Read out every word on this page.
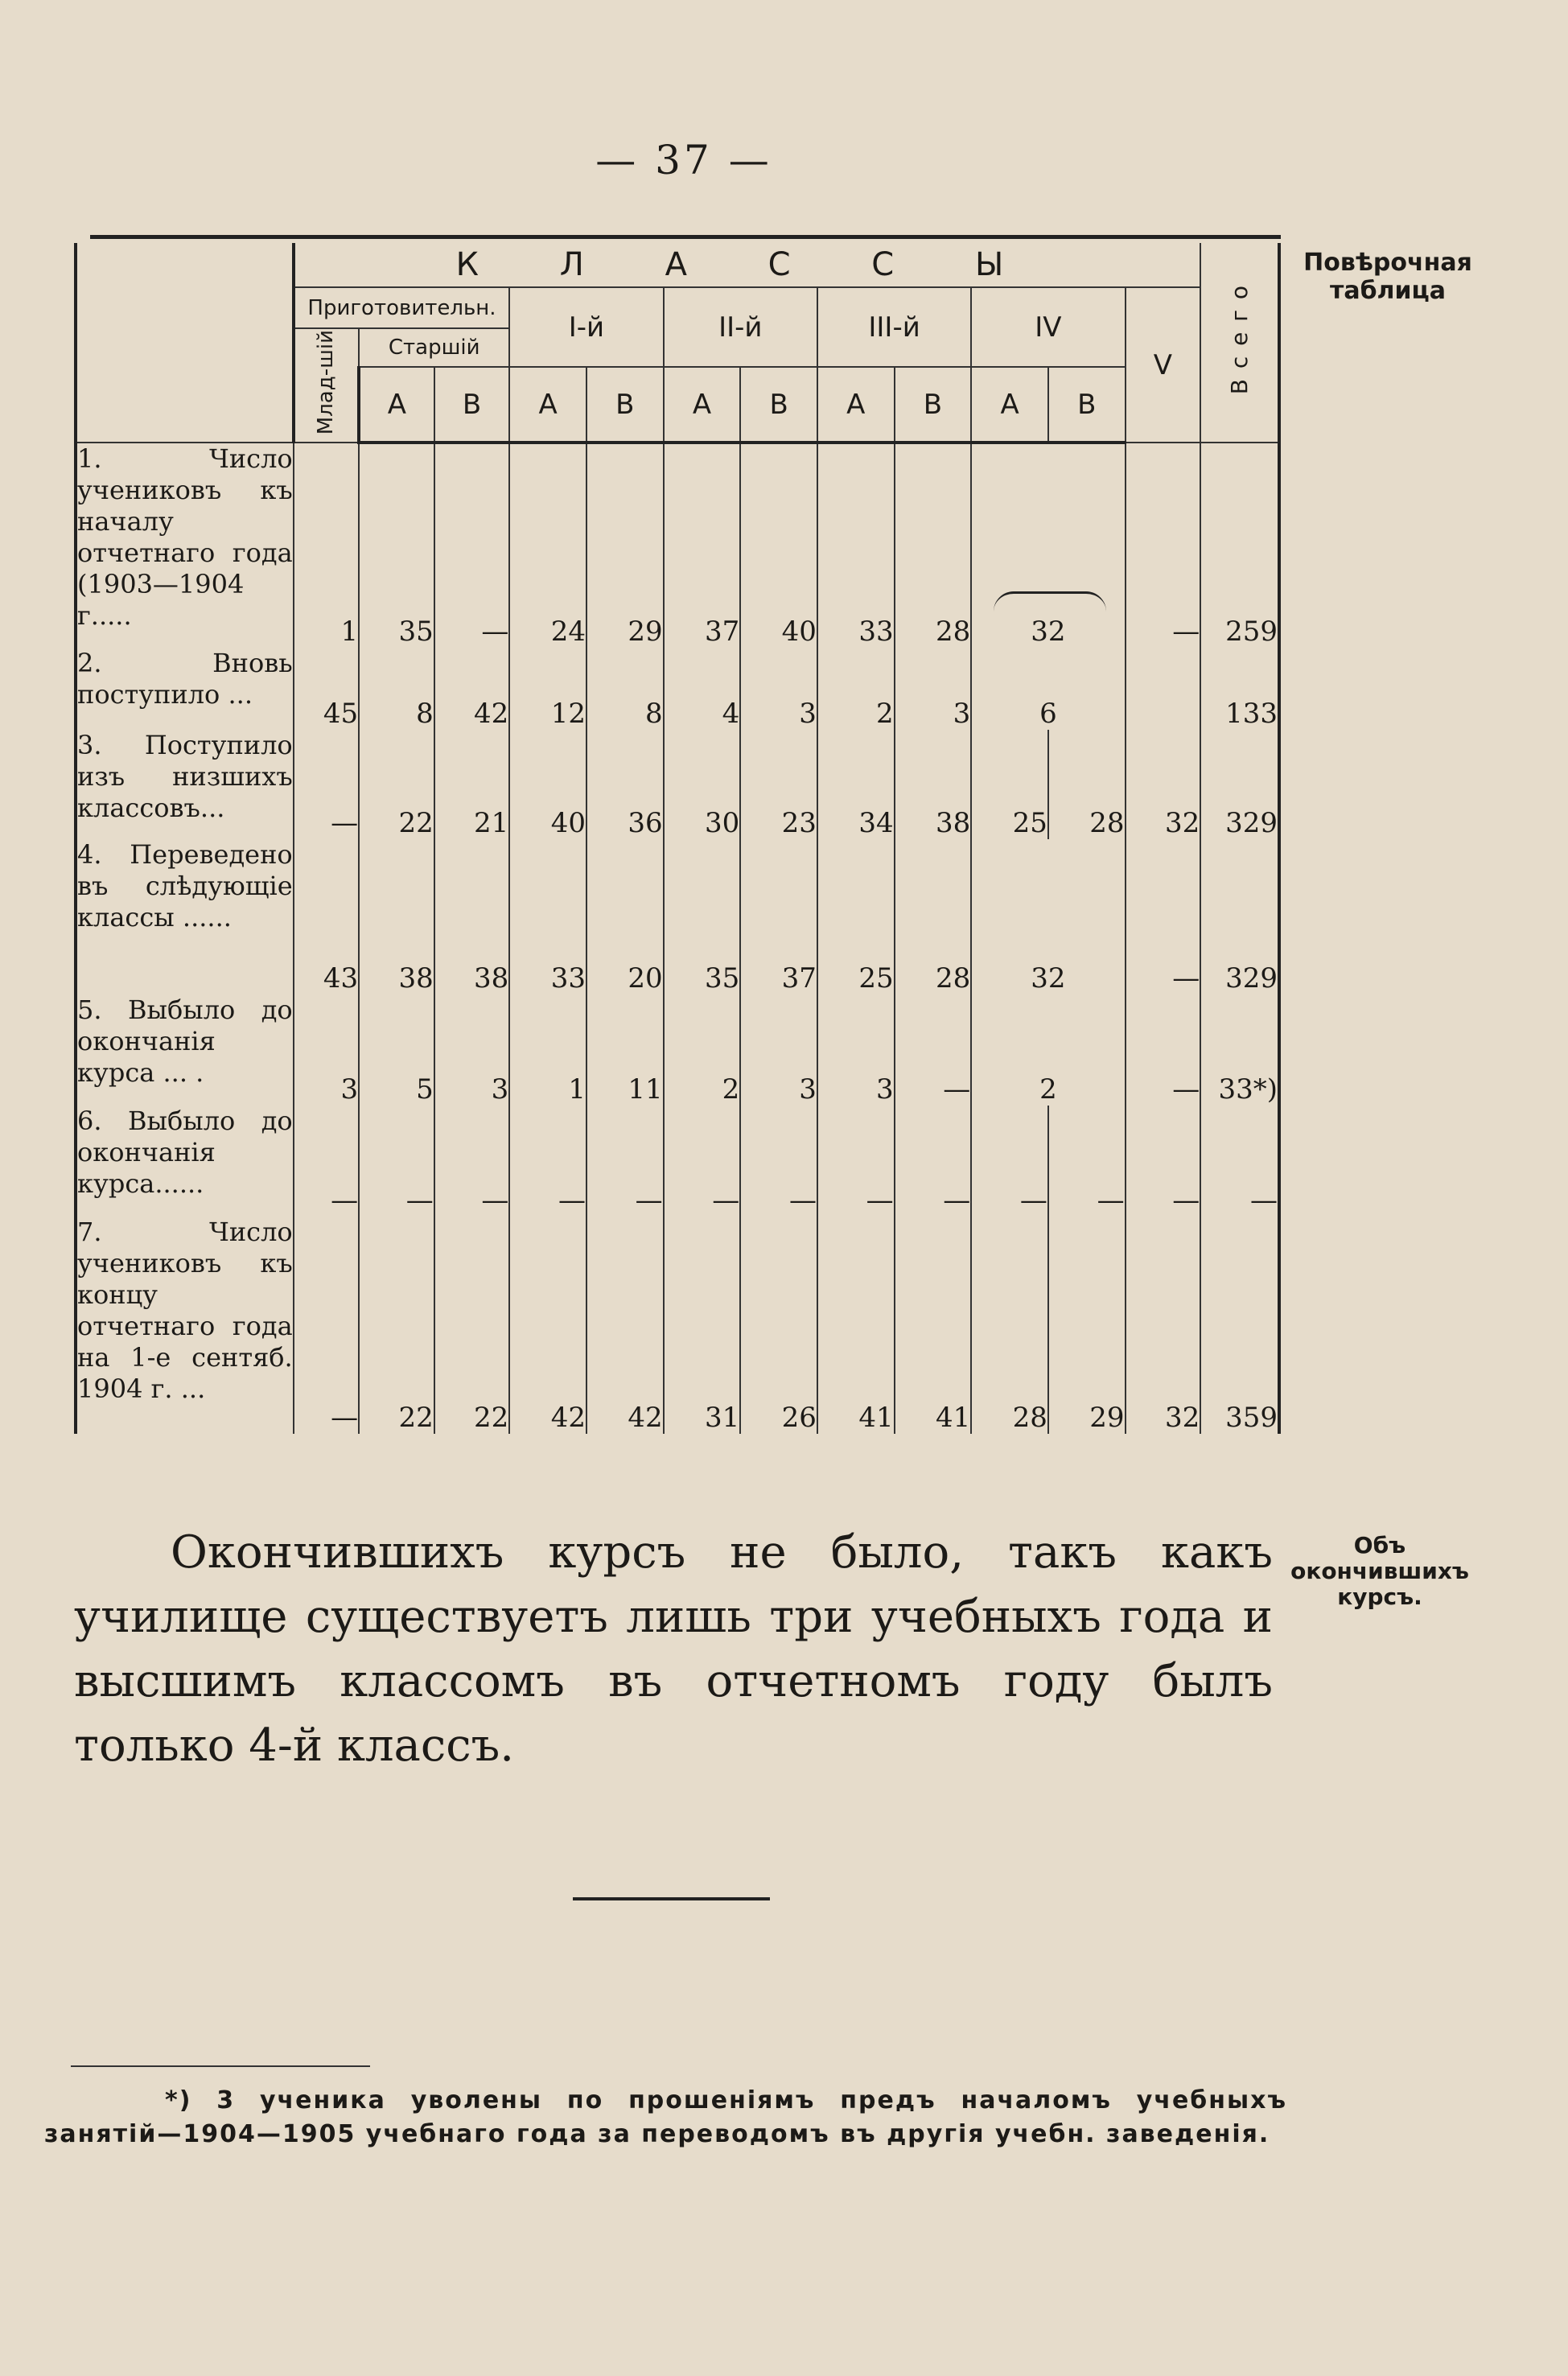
— 37 —
Повѣрочная таблица
	К Л А С С Ы												В с е г о
	Приготовительн.			I-й		II-й		III-й		IV		V	
	Млад-шій	Старшій											
		А	В	А	В	А	В	А	В	А	В		
1. Число учениковъ къ началу отчетнаго года (1903—1904 г.....	1	35	—	24	29	37	40	33	28	32		—	259
2. Вновь поступило ...	45	8	42	12	8	4	3	2	3	6			133
3. Поступило изъ низшихъ классовъ...	—	22	21	40	36	30	23	34	38	25	28	32	329
4. Переведено въ слѣдующіе классы ......	43	38	38	33	20	35	37	25	28	32		—	329
5. Выбыло до окончанія курса ... .	3	5	3	1	11	2	3	3	—	2		—	33*)
6. Выбыло до окончанія курса......	—	—	—	—	—	—	—	—	—	—	—	—	—
7. Число учениковъ къ концу отчетнаго года на 1-е сентяб. 1904 г. ...	—	22	22	42	42	31	26	41	41	28	29	32	359
Объ окончившихъ курсъ.

Окончившихъ курсъ не было, такъ какъ училище существуетъ лишь три учебныхъ года и высшимъ классомъ въ отчетномъ году былъ только 4-й классъ.

*) 3 ученика уволены по прошеніямъ предъ началомъ учебныхъ занятій—1904—1905 учебнаго года за переводомъ въ другія учебн. заведенія.
